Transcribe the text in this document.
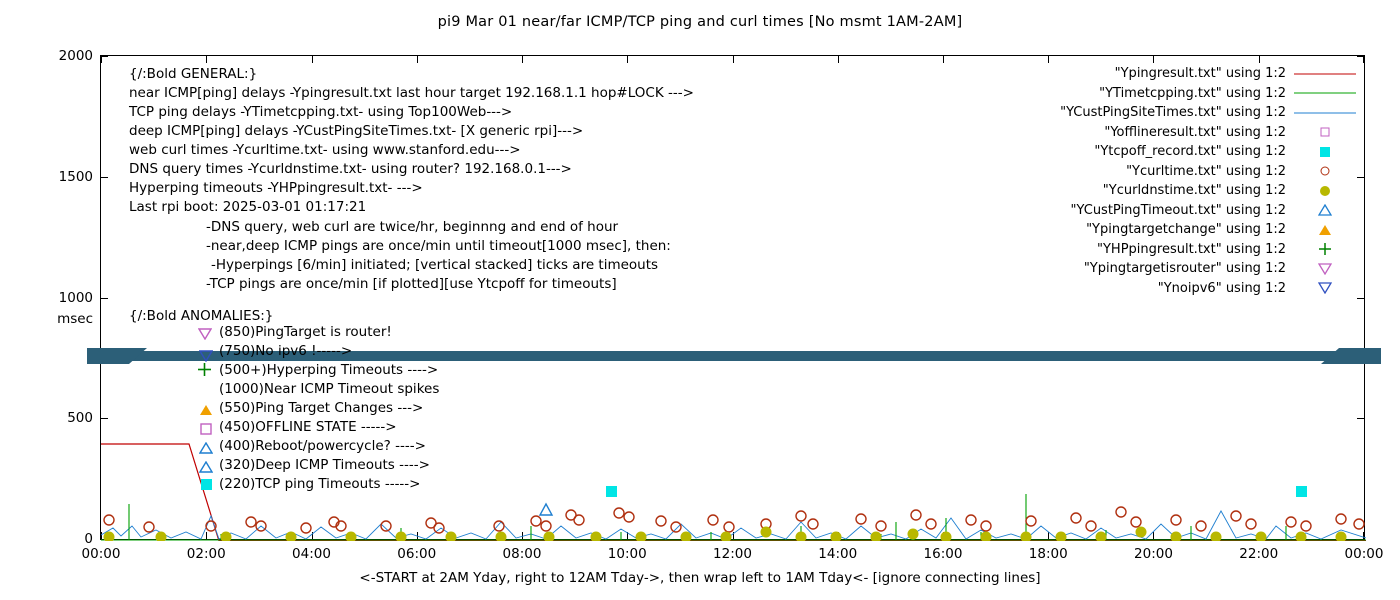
pi9 Mar 01 near/far ICMP/TCP ping and curl times [No msmt 1AM-2AM]
0
500
1000
1500
2000
00:00	02:00	04:00	06:00	08:00	10:00	12:00	14:00	16:00	18:00	20:00	22:00	00:00
{/:Bold GENERAL:}
near ICMP[ping] delays -Ypingresult.txt last hour target 192.168.1.1 hop#LOCK --->
TCP ping delays -YTimetcpping.txt- using Top100Web--->
deep ICMP[ping] delays -YCustPingSiteTimes.txt- [X generic rpi]--->
web curl times -Ycurltime.txt- using www.stanford.edu--->
DNS query times -Ycurldnstime.txt- using router? 192.168.0.1--->
Hyperping timeouts -YHPpingresult.txt- --->
Last rpi boot: 2025-03-01 01:17:21
-DNS query, web curl are twice/hr, beginnng and end of hour
-near,deep ICMP pings are once/min until timeout[1000 msec], then:
-Hyperpings [6/min] initiated; [vertical stacked] ticks are timeouts
-TCP pings are once/min [if plotted][use Ytcpoff for timeouts]
{/:Bold ANOMALIES:}
(850)PingTarget is router!
(750)No ipv6 !----->
(500+)Hyperping Timeouts ---->
(1000)Near ICMP Timeout spikes
(550)Ping Target Changes --->
(450)OFFLINE STATE ----->
(400)Reboot/powercycle? ---->
(320)Deep ICMP Timeouts ---->
(220)TCP ping Timeouts ----->
"Ypingresult.txt" using 1:2
"YTimetcpping.txt" using 1:2
"YCustPingSiteTimes.txt" using 1:2
"Yofflineresult.txt" using 1:2
"Ytcpoff_record.txt" using 1:2
"Ycurltime.txt" using 1:2
"Ycurldnstime.txt" using 1:2
"YCustPingTimeout.txt" using 1:2
"Ypingtargetchange" using 1:2
"YHPpingresult.txt" using 1:2
"Ypingtargetisrouter" using 1:2
"Ynoipv6" using 1:2
msec
<-START at 2AM Yday, right to 12AM Tday->, then wrap left to 1AM Tday<- [ignore connecting lines]
